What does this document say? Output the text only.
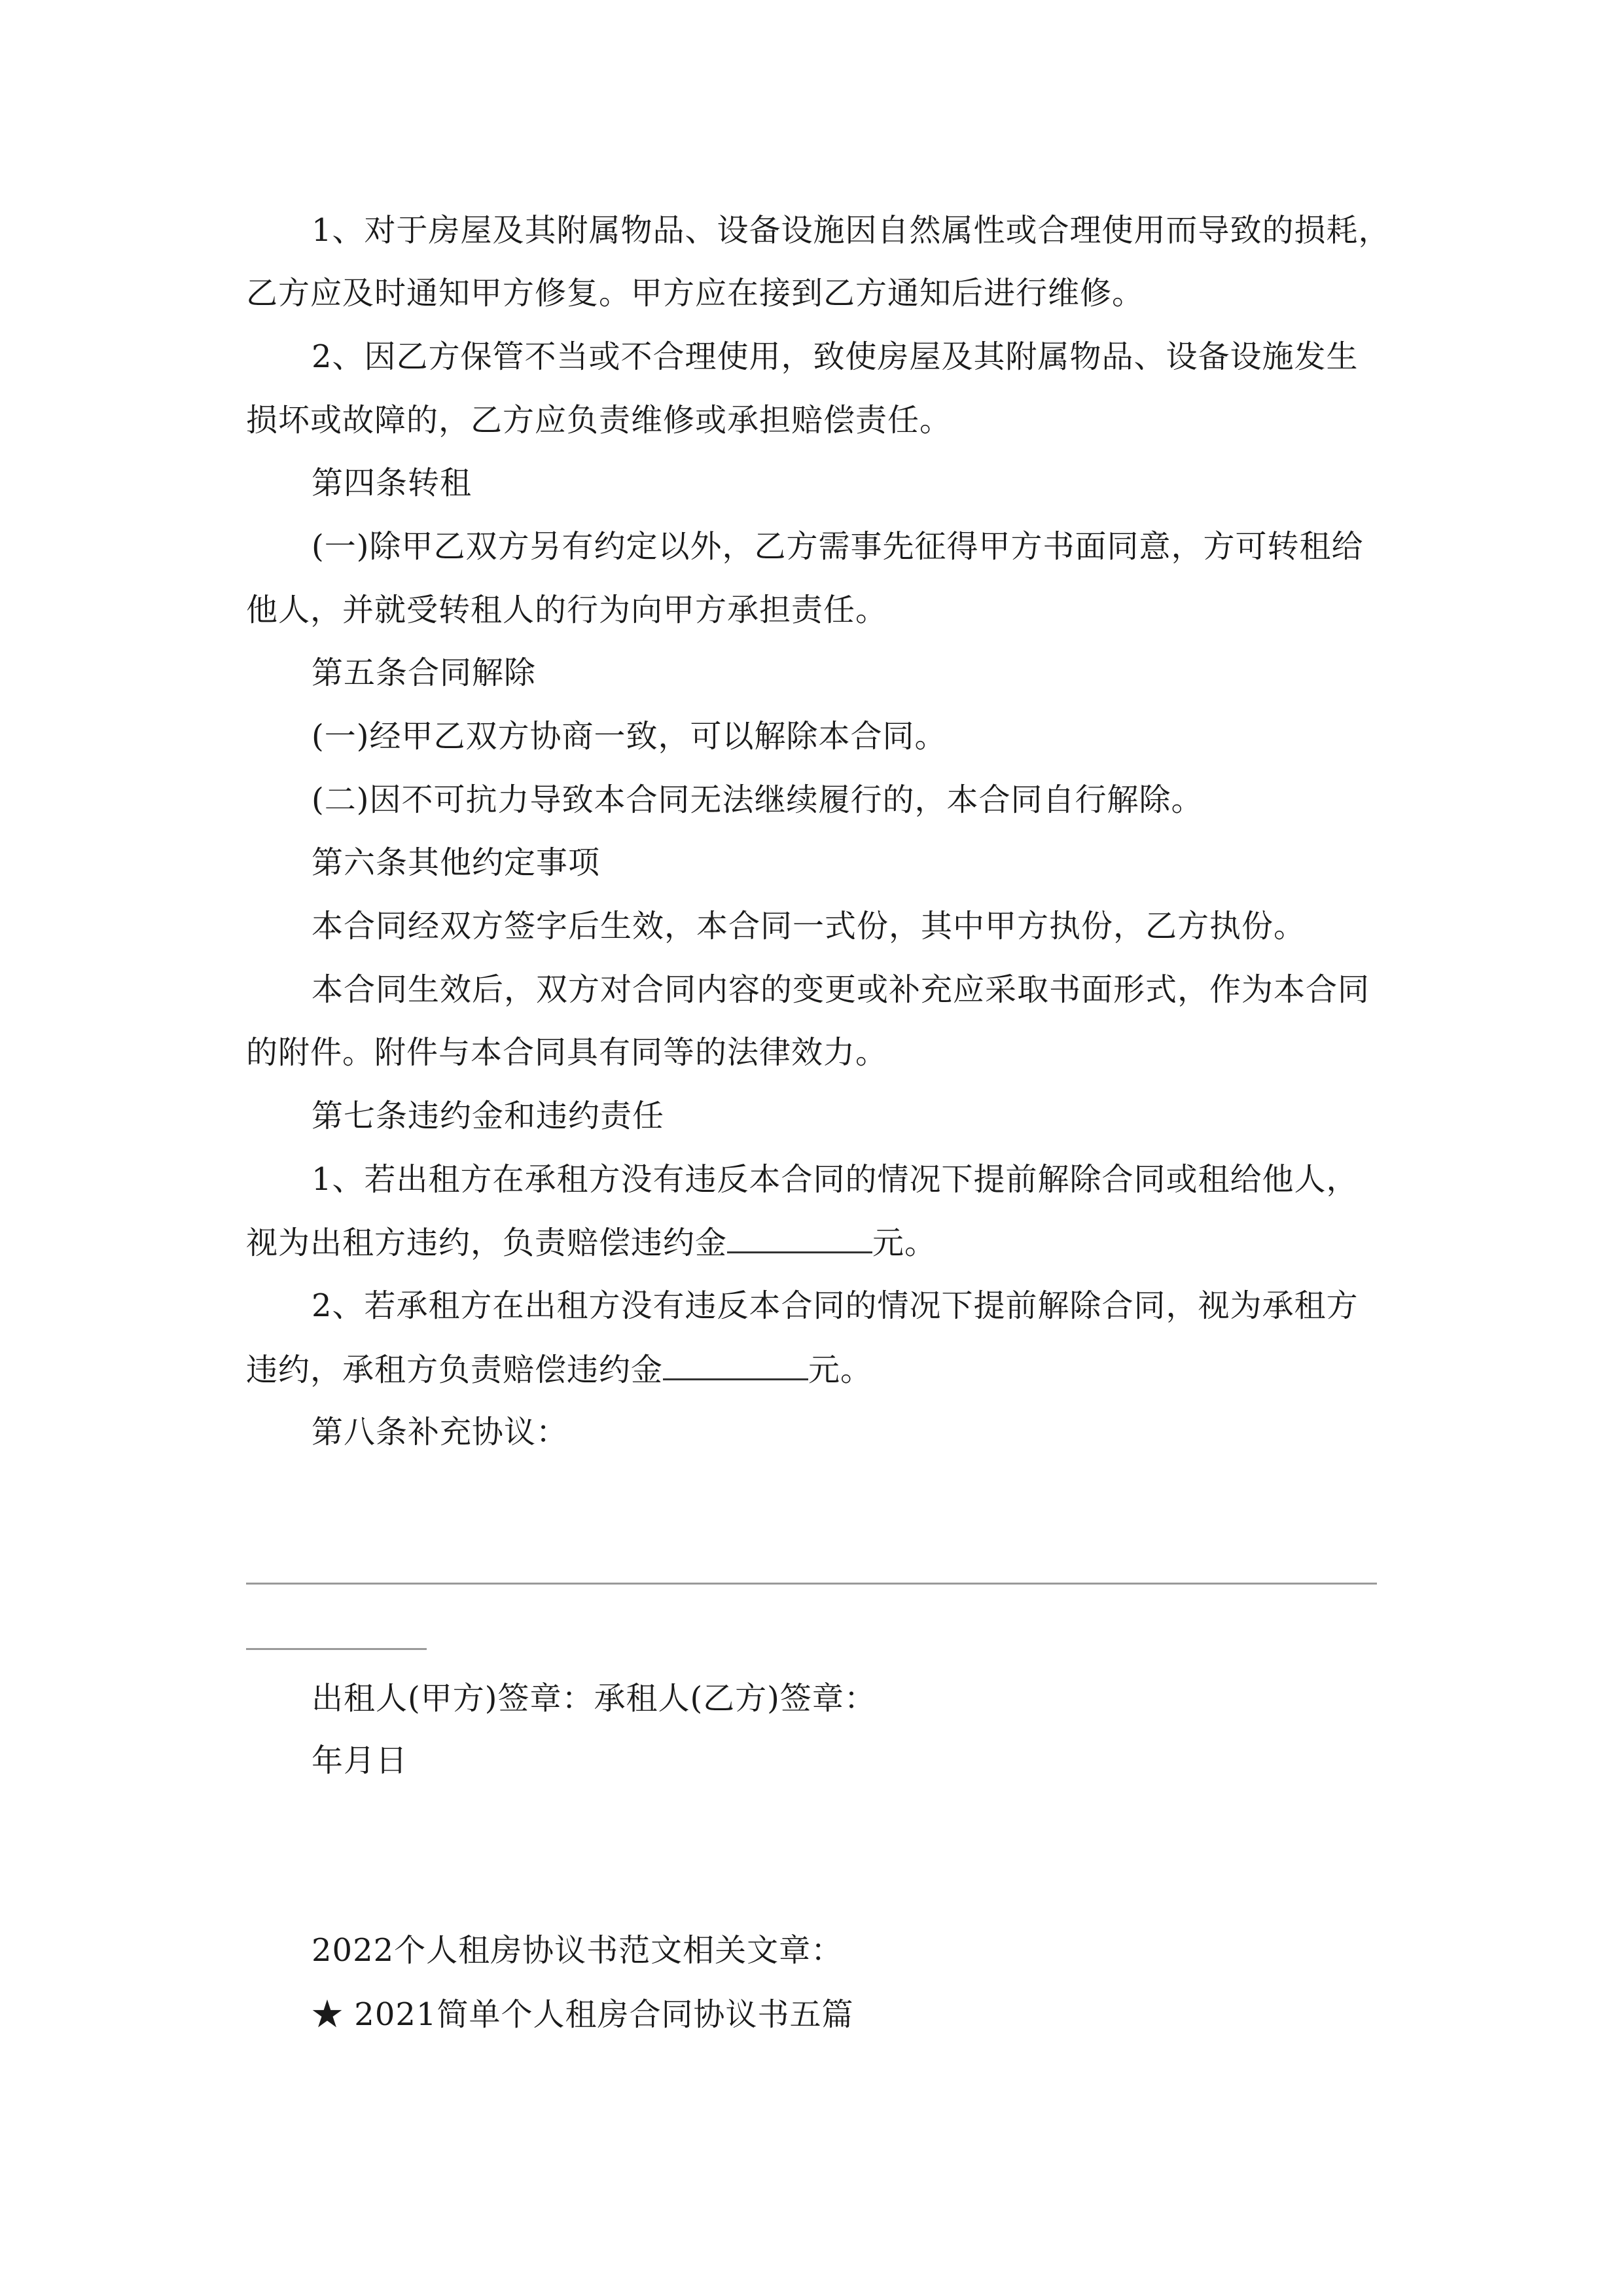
1、对于房屋及其附属物品、设备设施因自然属性或合理使用而导致的损耗，
乙方应及时通知甲方修复。甲方应在接到乙方通知后进行维修。
2、因乙方保管不当或不合理使用，致使房屋及其附属物品、设备设施发生
损坏或故障的，乙方应负责维修或承担赔偿责任。
第四条转租
(一)除甲乙双方另有约定以外，乙方需事先征得甲方书面同意，方可转租给
他人，并就受转租人的行为向甲方承担责任。
第五条合同解除
(一)经甲乙双方协商一致，可以解除本合同。
(二)因不可抗力导致本合同无法继续履行的，本合同自行解除。
第六条其他约定事项
本合同经双方签字后生效，本合同一式份，其中甲方执份，乙方执份。
本合同生效后，双方对合同内容的变更或补充应采取书面形式，作为本合同
的附件。附件与本合同具有同等的法律效力。
第七条违约金和违约责任
1、若出租方在承租方没有违反本合同的情况下提前解除合同或租给他人，
视为出租方违约，负责赔偿违约金	元。
2、若承租方在出租方没有违反本合同的情况下提前解除合同，视为承租方
违约，承租方负责赔偿违约金	元。
第八条补充协议：
出租人(甲方)签章：承租人(乙方)签章：
年月日
2022个人租房协议书范文相关文章：
★ 2021简单个人租房合同协议书五篇
